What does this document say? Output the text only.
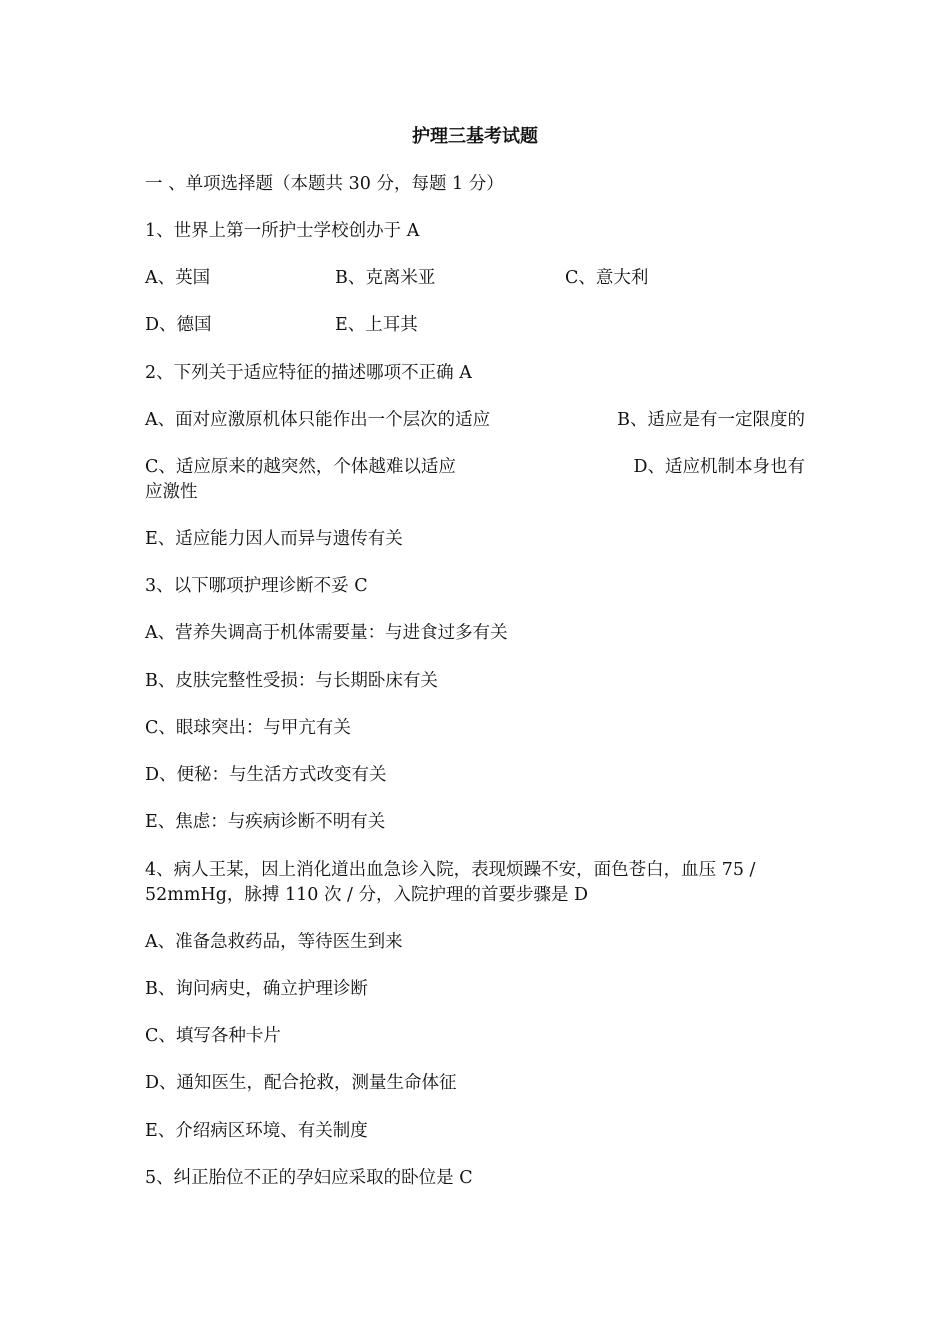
护理三基考试题
一 、单项选择题（本题共 30 分，每题 1 分）
1、世界上第一所护士学校创办于 A
A、英国	B、克离米亚	C、意大利
D、德国	E、上耳其
2、下列关于适应特征的描述哪项不正确 A
A、面对应激原机体只能作出一个层次的适应	B、适应是有一定限度的
C、适应原来的越突然，个体越难以适应	D、适应机制本身也有
应激性
E、适应能力因人而异与遗传有关
3、以下哪项护理诊断不妥 C
A、营养失调高于机体需要量：与进食过多有关
B、皮肤完整性受损：与长期卧床有关
C、眼球突出：与甲亢有关
D、便秘：与生活方式改变有关
E、焦虑：与疾病诊断不明有关
4、病人王某，因上消化道出血急诊入院，表现烦躁不安，面色苍白，血压 75 /
52mmHg，脉搏 110 次 / 分，入院护理的首要步骤是 D
A、准备急救药品，等待医生到来
B、询问病史，确立护理诊断
C、填写各种卡片
D、通知医生，配合抢救，测量生命体征
E、介绍病区环境、有关制度
5、纠正胎位不正的孕妇应采取的卧位是 C
